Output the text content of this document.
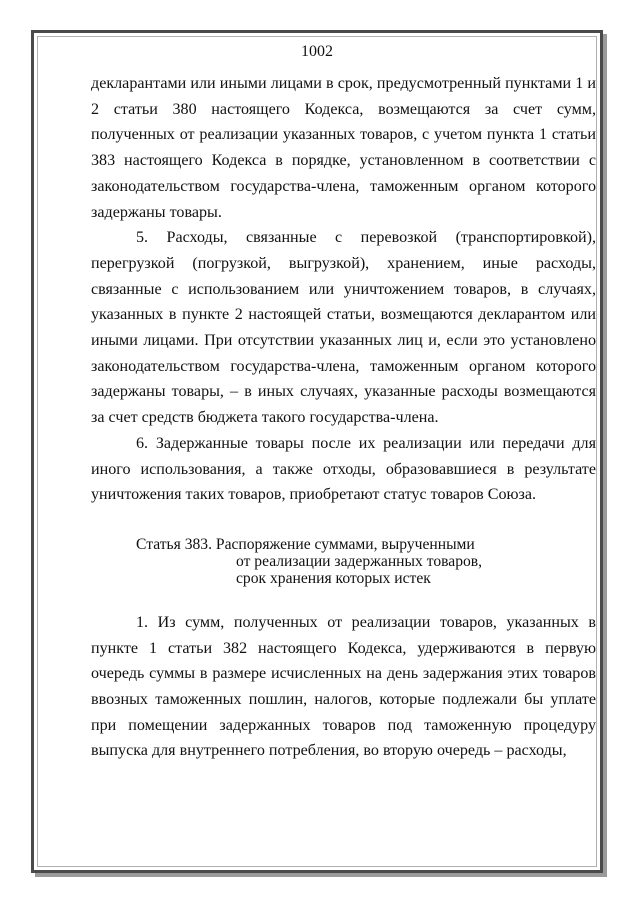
1002

декларантами или иными лицами в срок, предусмотренный пунктами 1 и 2 статьи 380 настоящего Кодекса, возмещаются за счет сумм, полученных от реализации указанных товаров, с учетом пункта 1 статьи 383 настоящего Кодекса в порядке, установленном в соответствии с законодательством государства-члена, таможенным органом которого задержаны товары.

5. Расходы, связанные с перевозкой (транспортировкой), перегрузкой (погрузкой, выгрузкой), хранением, иные расходы, связанные с использованием или уничтожением товаров, в случаях, указанных в пункте 2 настоящей статьи, возмещаются декларантом или иными лицами. При отсутствии указанных лиц и, если это установлено законодательством государства-члена, таможенным органом которого задержаны товары, – в иных случаях, указанные расходы возмещаются за счет средств бюджета такого государства-члена.

6. Задержанные товары после их реализации или передачи для иного использования, а также отходы, образовавшиеся в результате уничтожения таких товаров, приобретают статус товаров Союза.

Статья 383. Распоряжение суммами, вырученными
от реализации задержанных товаров,
срок хранения которых истек

1. Из сумм, полученных от реализации товаров, указанных в пункте 1 статьи 382 настоящего Кодекса, удерживаются в первую очередь суммы в размере исчисленных на день задержания этих товаров ввозных таможенных пошлин, налогов, которые подлежали бы уплате при помещении задержанных товаров под таможенную процедуру выпуска для внутреннего потребления, во вторую очередь – расходы,
